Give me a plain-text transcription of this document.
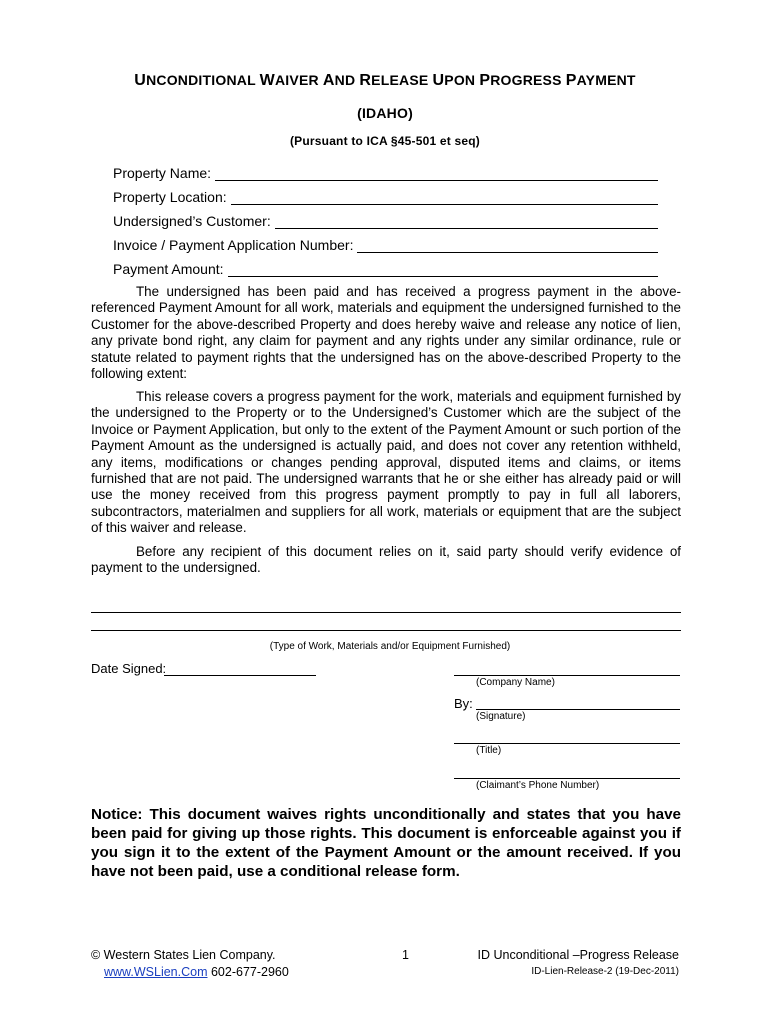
UNCONDITIONAL WAIVER AND RELEASE UPON PROGRESS PAYMENT
(IDAHO)
(Pursuant to ICA §45-501 et seq)
Property Name:
Property Location:
Undersigned’s Customer:
Invoice / Payment Application Number:
Payment Amount:

The undersigned has been paid and has received a progress payment in the above-referenced Payment Amount for all work, materials and equipment the undersigned furnished to the Customer for the above-described Property and does hereby waive and release any notice of lien, any private bond right, any claim for payment and any rights under any similar ordinance, rule or statute related to payment rights that the undersigned has on the above-described Property to the following extent:

This release covers a progress payment for the work, materials and equipment furnished by the undersigned to the Property or to the Undersigned’s Customer which are the subject of the Invoice or Payment Application, but only to the extent of the Payment Amount or such portion of the Payment Amount as the undersigned is actually paid, and does not cover any retention withheld, any items, modifications or changes pending approval, disputed items and claims, or items furnished that are not paid. The undersigned warrants that he or she either has already paid or will use the money received from this progress payment promptly to pay in full all laborers, subcontractors, materialmen and suppliers for all work, materials or equipment that are the subject of this waiver and release.

Before any recipient of this document relies on it, said party should verify evidence of payment to the undersigned.

(Type of Work, Materials and/or Equipment Furnished)
Date Signed:
(Company Name)
By:
(Signature)
(Title)
(Claimant’s Phone Number)

Notice: This document waives rights unconditionally and states that you have been paid for giving up those rights. This document is enforceable against you if you sign it to the extent of the Payment Amount or the amount received. If you have not been paid, use a conditional release form.

© Western States Lien Company.
www.WSLien.Com 602-677-2960
1	ID Unconditional –Progress Release
ID-Lien-Release-2 (19-Dec-2011)
